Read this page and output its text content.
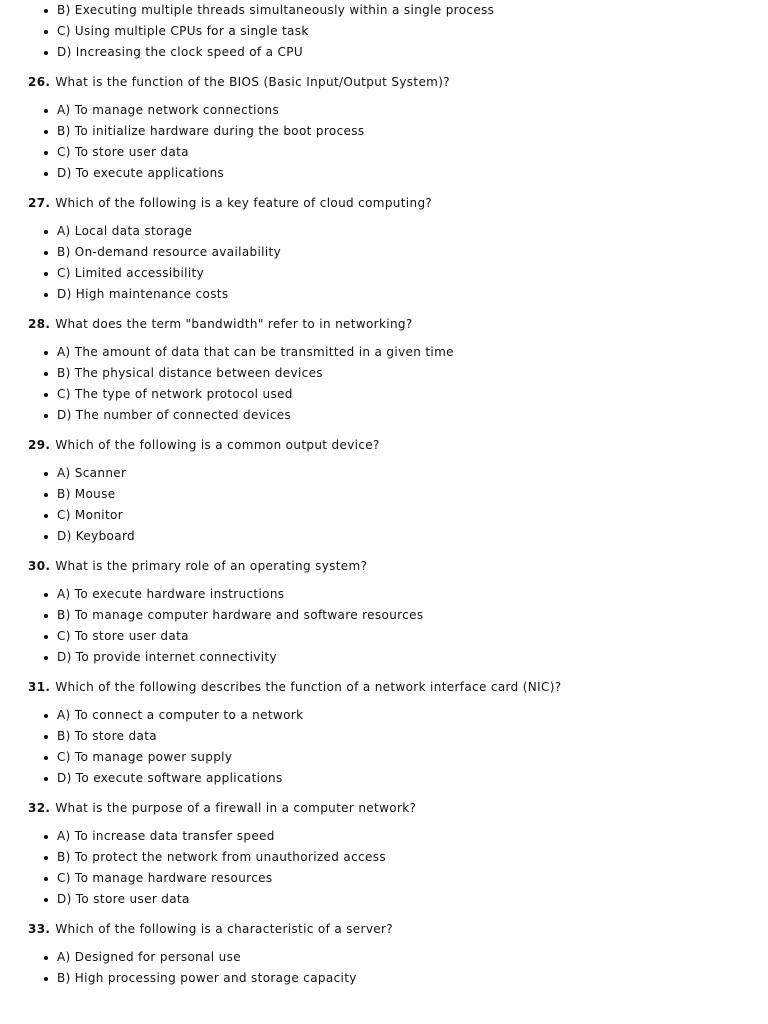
B) Executing multiple threads simultaneously within a single process
C) Using multiple CPUs for a single task
D) Increasing the clock speed of a CPU
26. What is the function of the BIOS (Basic Input/Output System)?
A) To manage network connections
B) To initialize hardware during the boot process
C) To store user data
D) To execute applications
27. Which of the following is a key feature of cloud computing?
A) Local data storage
B) On-demand resource availability
C) Limited accessibility
D) High maintenance costs
28. What does the term "bandwidth" refer to in networking?
A) The amount of data that can be transmitted in a given time
B) The physical distance between devices
C) The type of network protocol used
D) The number of connected devices
29. Which of the following is a common output device?
A) Scanner
B) Mouse
C) Monitor
D) Keyboard
30. What is the primary role of an operating system?
A) To execute hardware instructions
B) To manage computer hardware and software resources
C) To store user data
D) To provide internet connectivity
31. Which of the following describes the function of a network interface card (NIC)?
A) To connect a computer to a network
B) To store data
C) To manage power supply
D) To execute software applications
32. What is the purpose of a firewall in a computer network?
A) To increase data transfer speed
B) To protect the network from unauthorized access
C) To manage hardware resources
D) To store user data
33. Which of the following is a characteristic of a server?
A) Designed for personal use
B) High processing power and storage capacity
